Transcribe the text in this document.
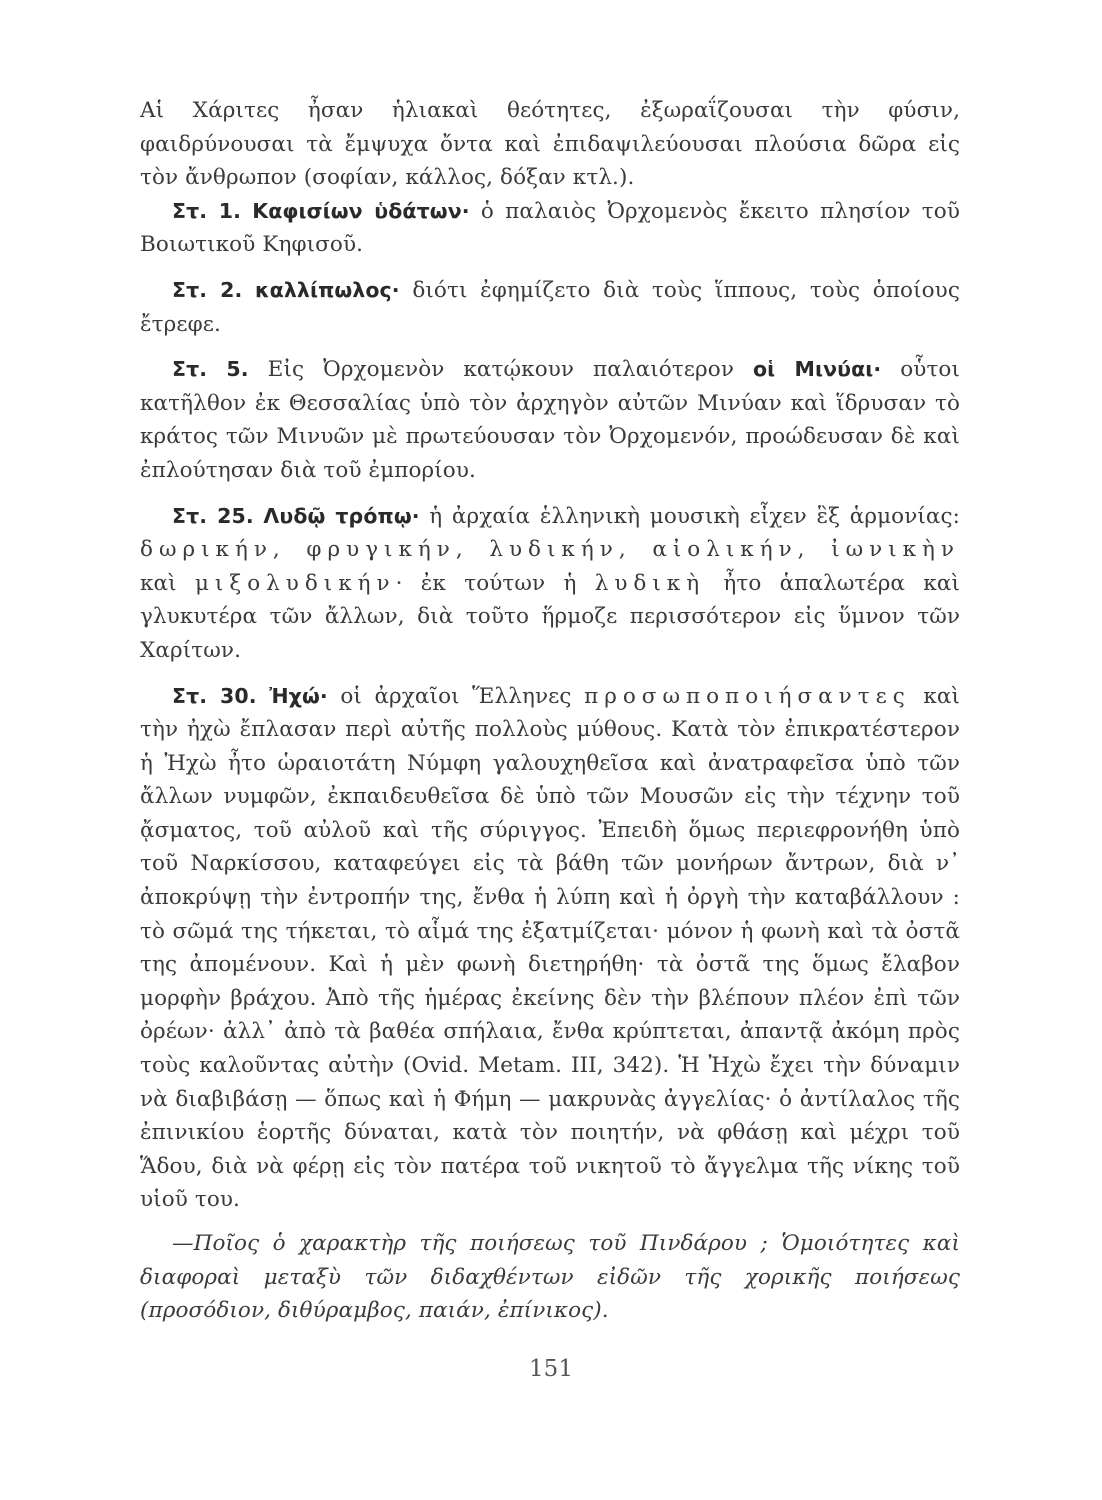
Αἱ Χάριτες ἦσαν ἡλιακαὶ θεότητες, ἐξωραΐζουσαι τὴν φύσιν, φαιδρύνουσαι τὰ ἔμψυχα ὄντα καὶ ἐπιδαψιλεύουσαι πλούσια δῶρα εἰς τὸν ἄνθρωπον (σοφίαν, κάλλος, δόξαν κτλ.).

Στ. 1. Καφισίων ὑδάτων· ὁ παλαιὸς Ὀρχομενὸς ἔκειτο πλησίον τοῦ Βοιωτικοῦ Κηφισοῦ.

Στ. 2. καλλίπωλος· διότι ἐφημίζετο διὰ τοὺς ἵππους, τοὺς ὁποίους ἔτρεφε.

Στ. 5. Εἰς Ὀρχομενὸν κατῴκουν παλαιότερον οἱ Μινύαι· οὗτοι κατῆλθον ἐκ Θεσσαλίας ὑπὸ τὸν ἀρχηγὸν αὐτῶν Μινύαν καὶ ἵδρυσαν τὸ κράτος τῶν Μινυῶν μὲ πρωτεύουσαν τὸν Ὀρχομενόν, προώδευσαν δὲ καὶ ἐπλούτησαν διὰ τοῦ ἐμπορίου.

Στ. 25. Λυδῷ τρόπῳ· ἡ ἀρχαία ἑλληνικὴ μουσικὴ εἶχεν ἓξ ἁρμονίας: δωρικήν, φρυγικήν, λυδικήν, αἰολικήν, ἰωνικὴν καὶ μιξολυδικήν· ἐκ τούτων ἡ λυδικὴ ἦτο ἁπαλωτέρα καὶ γλυκυτέρα τῶν ἄλλων, διὰ τοῦτο ἥρμοζε περισσότερον εἰς ὕμνον τῶν Χαρίτων.

Στ. 30. Ἠχώ· οἱ ἀρχαῖοι Ἕλληνες προσωποποιήσαντες καὶ τὴν ἠχὼ ἔπλασαν περὶ αὐτῆς πολλοὺς μύθους. Κατὰ τὸν ἐπικρατέστερον ἡ Ἠχὼ ἦτο ὡραιοτάτη Νύμφη γαλουχηθεῖσα καὶ ἀνατραφεῖσα ὑπὸ τῶν ἄλλων νυμφῶν, ἐκπαιδευθεῖσα δὲ ὑπὸ τῶν Μουσῶν εἰς τὴν τέχνην τοῦ ᾄσματος, τοῦ αὐλοῦ καὶ τῆς σύριγγος. Ἐπειδὴ ὅμως περιεφρονήθη ὑπὸ τοῦ Ναρκίσσου, καταφεύγει εἰς τὰ βάθη τῶν μονήρων ἄντρων, διὰ ν᾽ ἀποκρύψῃ τὴν ἐντροπήν της, ἔνθα ἡ λύπη καὶ ἡ ὀργὴ τὴν καταβάλλουν : τὸ σῶμά της τήκεται, τὸ αἷμά της ἐξατμίζεται· μόνον ἡ φωνὴ καὶ τὰ ὀστᾶ της ἀπομένουν. Καὶ ἡ μὲν φωνὴ διετηρήθη· τὰ ὀστᾶ της ὅμως ἔλαβον μορφὴν βράχου. Ἀπὸ τῆς ἡμέρας ἐκείνης δὲν τὴν βλέπουν πλέον ἐπὶ τῶν ὀρέων· ἀλλ᾽ ἀπὸ τὰ βαθέα σπήλαια, ἔνθα κρύπτεται, ἀπαντᾷ ἀκόμη πρὸς τοὺς καλοῦντας αὐτὴν (Ovid. Metam. III, 342). Ἡ Ἠχὼ ἔχει τὴν δύναμιν νὰ διαβιβάσῃ — ὅπως καὶ ἡ Φήμη — μακρυνὰς ἀγγελίας· ὁ ἀντίλαλος τῆς ἐπινικίου ἑορτῆς δύναται, κατὰ τὸν ποιητήν, νὰ φθάσῃ καὶ μέχρι τοῦ Ἅδου, διὰ νὰ φέρῃ εἰς τὸν πατέρα τοῦ νικητοῦ τὸ ἄγγελμα τῆς νίκης τοῦ υἱοῦ του.

—Ποῖος ὁ χαρακτὴρ τῆς ποιήσεως τοῦ Πινδάρου ; Ὁμοιότητες καὶ διαφοραὶ μεταξὺ τῶν διδαχθέντων εἰδῶν τῆς χορικῆς ποιήσεως (προσόδιον, διθύραμβος, παιάν, ἐπίνικος).

151
